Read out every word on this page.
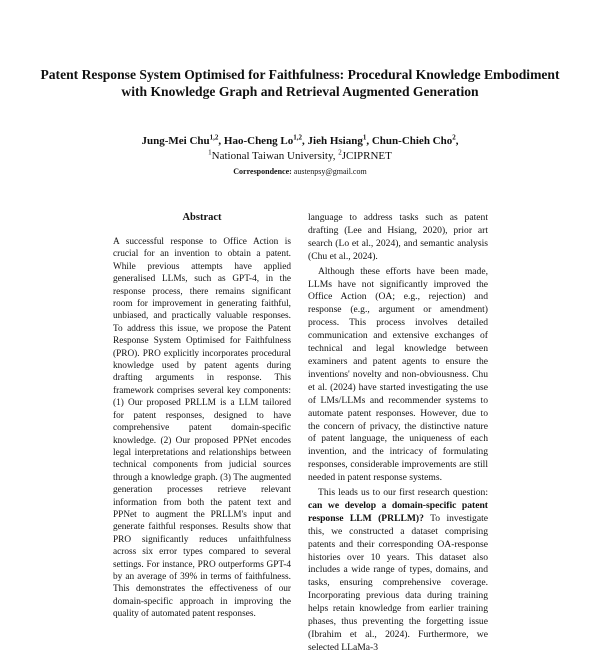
Patent Response System Optimised for Faithfulness: Procedural Knowledge Embodiment with Knowledge Graph and Retrieval Augmented Generation
Jung-Mei Chu$^{1,2}$, Hao-Cheng Lo$^{1,2}$, Jieh Hsiang$^1$, Chun-Chieh Cho$^2$,
$^1$National Taiwan University, $^2$JCIPRNET
Correspondence: austenpsy@gmail.com
Abstract
A successful response to Office Action is crucial for an invention to obtain a patent. While previous attempts have applied generalised LLMs, such as GPT-4, in the response process, there remains significant room for improvement in generating faithful, unbiased, and practically valuable responses. To address this issue, we propose the Patent Response System Optimised for Faithfulness (PRO). PRO explicitly incorporates procedural knowledge used by patent agents during drafting arguments in response. This framework comprises several key components: (1) Our proposed PRLLM is a LLM tailored for patent responses, designed to have comprehensive patent domain-specific knowledge. (2) Our proposed PPNet encodes legal interpretations and relationships between technical components from judicial sources through a knowledge graph. (3) The augmented generation processes retrieve relevant information from both the patent text and PPNet to augment the PRLLM's input and generate faithful responses. Results show that PRO significantly reduces unfaithfulness across six error types compared to several settings. For instance, PRO outperforms GPT-4 by an average of 39% in terms of faithfulness. This demonstrates the effectiveness of our domain-specific approach in improving the quality of automated patent responses.

language to address tasks such as patent drafting (Lee and Hsiang, 2020), prior art search (Lo et al., 2024), and semantic analysis (Chu et al., 2024).

Although these efforts have been made, LLMs have not significantly improved the Office Action (OA; e.g., rejection) and response (e.g., argument or amendment) process. This process involves detailed communication and extensive exchanges of technical and legal knowledge between examiners and patent agents to ensure the inventions' novelty and non-obviousness. Chu et al. (2024) have started investigating the use of LMs/LLMs and recommender systems to automate patent responses. However, due to the concern of privacy, the distinctive nature of patent language, the uniqueness of each invention, and the intricacy of formulating responses, considerable improvements are still needed in patent response systems.

This leads us to our first research question: can we develop a domain-specific patent response LLM (PRLLM)? To investigate this, we constructed a dataset comprising patents and their corresponding OA-response histories over 10 years. This dataset also includes a wide range of types, domains, and tasks, ensuring comprehensive coverage. Incorporating previous data during training helps retain knowledge from earlier training phases, thus preventing the forgetting issue (Ibrahim et al., 2024). Furthermore, we selected LLaMa-3
